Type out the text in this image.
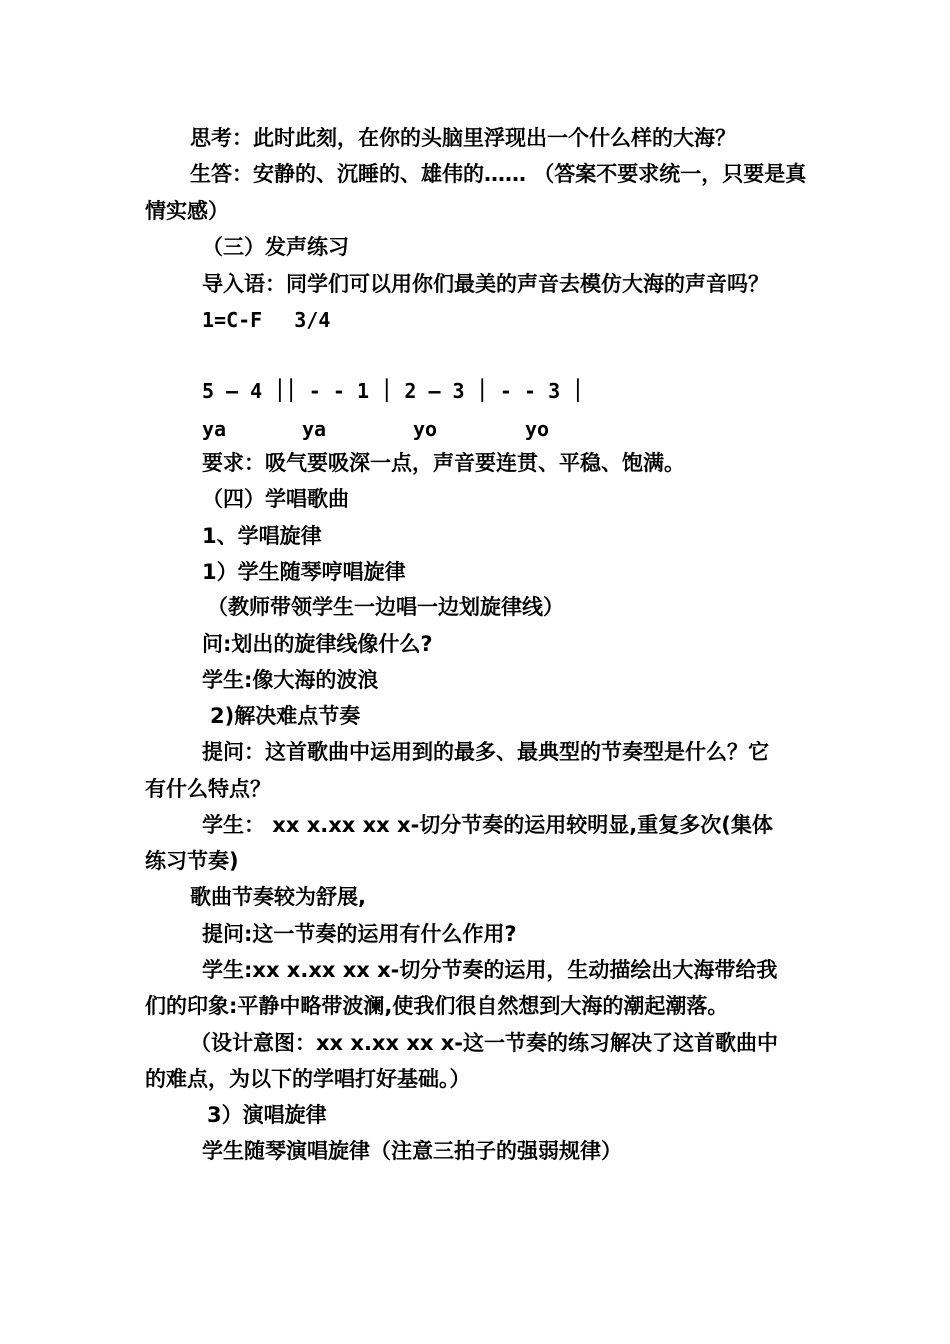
思考：此时此刻，在你的头脑里浮现出一个什么样的大海？
生答：安静的、沉睡的、雄伟的…… （答案不要求统一，只要是真
情实感）
（三）发声练习
导入语：同学们可以用你们最美的声音去模仿大海的声音吗？
1=C-F　 3/4
5 – 4 ׀ 3 - - ׀ 3 – 2 ׀ 1 - - ׀׀
ya	ya	yo	yo
要求：吸气要吸深一点，声音要连贯、平稳、饱满。
（四）学唱歌曲
1、学唱旋律
1）学生随琴哼唱旋律
（教师带领学生一边唱一边划旋律线）
问:划出的旋律线像什么?
学生:像大海的波浪
2)解决难点节奏
提问：这首歌曲中运用到的最多、最典型的节奏型是什么？它
有什么特点？
学生： xx x.xx xx x-切分节奏的运用较明显,重复多次(集体
练习节奏)
歌曲节奏较为舒展,
提问:这一节奏的运用有什么作用?
学生:xx x.xx xx x-切分节奏的运用，生动描绘出大海带给我
们的印象:平静中略带波澜,使我们很自然想到大海的潮起潮落。
（设计意图：xx x.xx xx x-这一节奏的练习解决了这首歌曲中
的难点，为以下的学唱打好基础。）
3）演唱旋律
学生随琴演唱旋律（注意三拍子的强弱规律）
